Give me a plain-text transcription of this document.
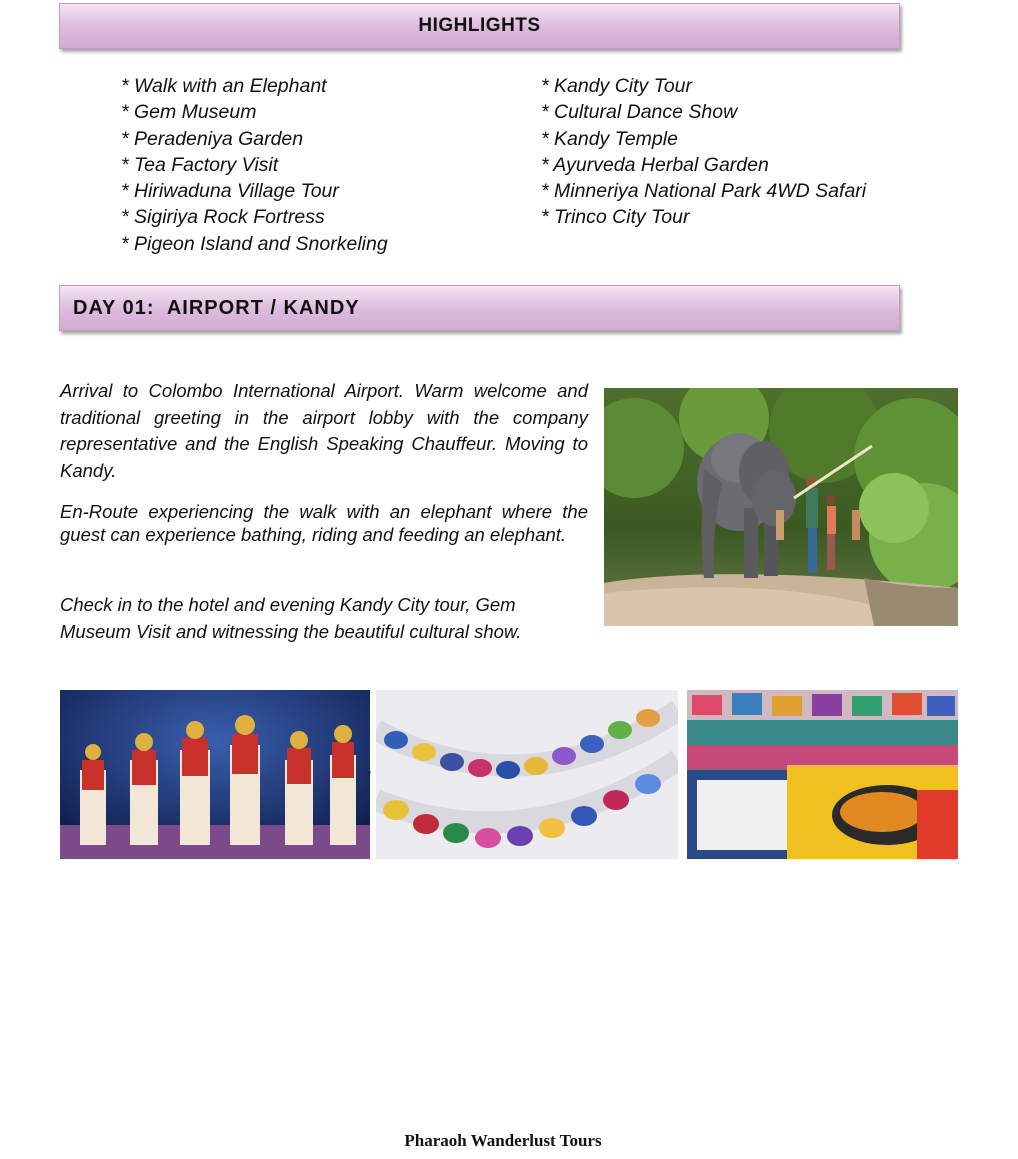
HIGHLIGHTS
* Walk with an Elephant
* Gem Museum
* Peradeniya Garden
* Tea Factory Visit
* Hiriwaduna Village Tour
* Sigiriya Rock Fortress
* Pigeon Island and Snorkeling
* Kandy City Tour
* Cultural Dance Show
* Kandy Temple
* Ayurveda Herbal Garden
* Minneriya National Park 4WD Safari
* Trinco City Tour
DAY 01:  AIRPORT / KANDY

Arrival to Colombo International Airport. Warm welcome and traditional greeting in the airport lobby with the company representative and the English Speaking Chauffeur. Moving to Kandy.

En-Route experiencing the walk with an elephant where the guest can experience bathing, riding and feeding an elephant.

Check in to the hotel and evening Kandy City tour, Gem Museum Visit and witnessing the beautiful cultural show.

,
Pharaoh Wanderlust Tours
